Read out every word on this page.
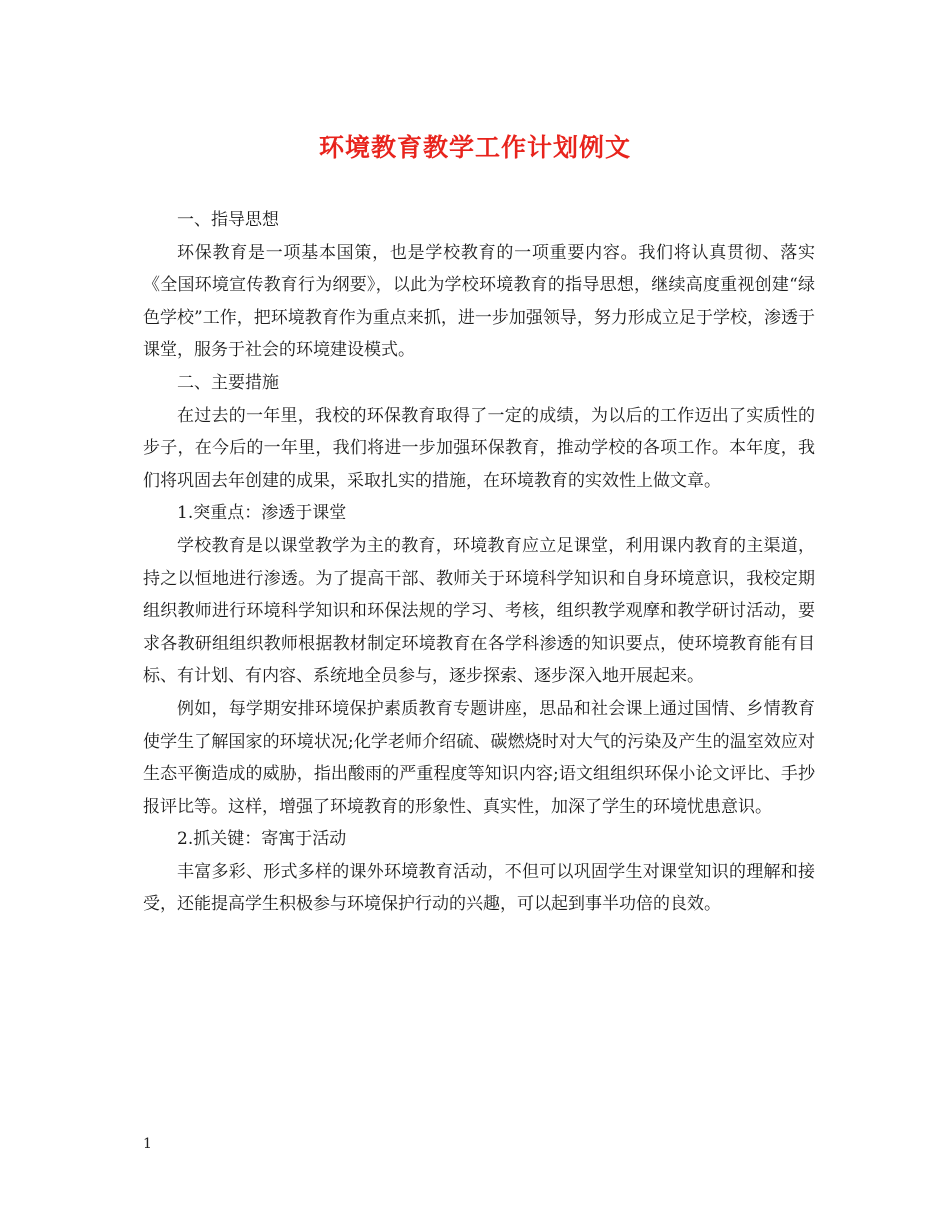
环境教育教学工作计划例文

一、指导思想

环保教育是一项基本国策，也是学校教育的一项重要内容。我们将认真贯彻、落实《全国环境宣传教育行为纲要》，以此为学校环境教育的指导思想，继续高度重视创建“绿色学校”工作，把环境教育作为重点来抓，进一步加强领导，努力形成立足于学校，渗透于课堂，服务于社会的环境建设模式。

二、主要措施

在过去的一年里，我校的环保教育取得了一定的成绩，为以后的工作迈出了实质性的步子，在今后的一年里，我们将进一步加强环保教育，推动学校的各项工作。本年度，我们将巩固去年创建的成果，采取扎实的措施，在环境教育的实效性上做文章。

1.突重点：渗透于课堂

学校教育是以课堂教学为主的教育，环境教育应立足课堂，利用课内教育的主渠道，持之以恒地进行渗透。为了提高干部、教师关于环境科学知识和自身环境意识，我校定期组织教师进行环境科学知识和环保法规的学习、考核，组织教学观摩和教学研讨活动，要求各教研组组织教师根据教材制定环境教育在各学科渗透的知识要点，使环境教育能有目标、有计划、有内容、系统地全员参与，逐步探索、逐步深入地开展起来。

例如，每学期安排环境保护素质教育专题讲座，思品和社会课上通过国情、乡情教育使学生了解国家的环境状况;化学老师介绍硫、碳燃烧时对大气的污染及产生的温室效应对生态平衡造成的威胁，指出酸雨的严重程度等知识内容;语文组组织环保小论文评比、手抄报评比等。这样，增强了环境教育的形象性、真实性，加深了学生的环境忧患意识。

2.抓关键：寄寓于活动

丰富多彩、形式多样的课外环境教育活动，不但可以巩固学生对课堂知识的理解和接受，还能提高学生积极参与环境保护行动的兴趣，可以起到事半功倍的良效。

1
